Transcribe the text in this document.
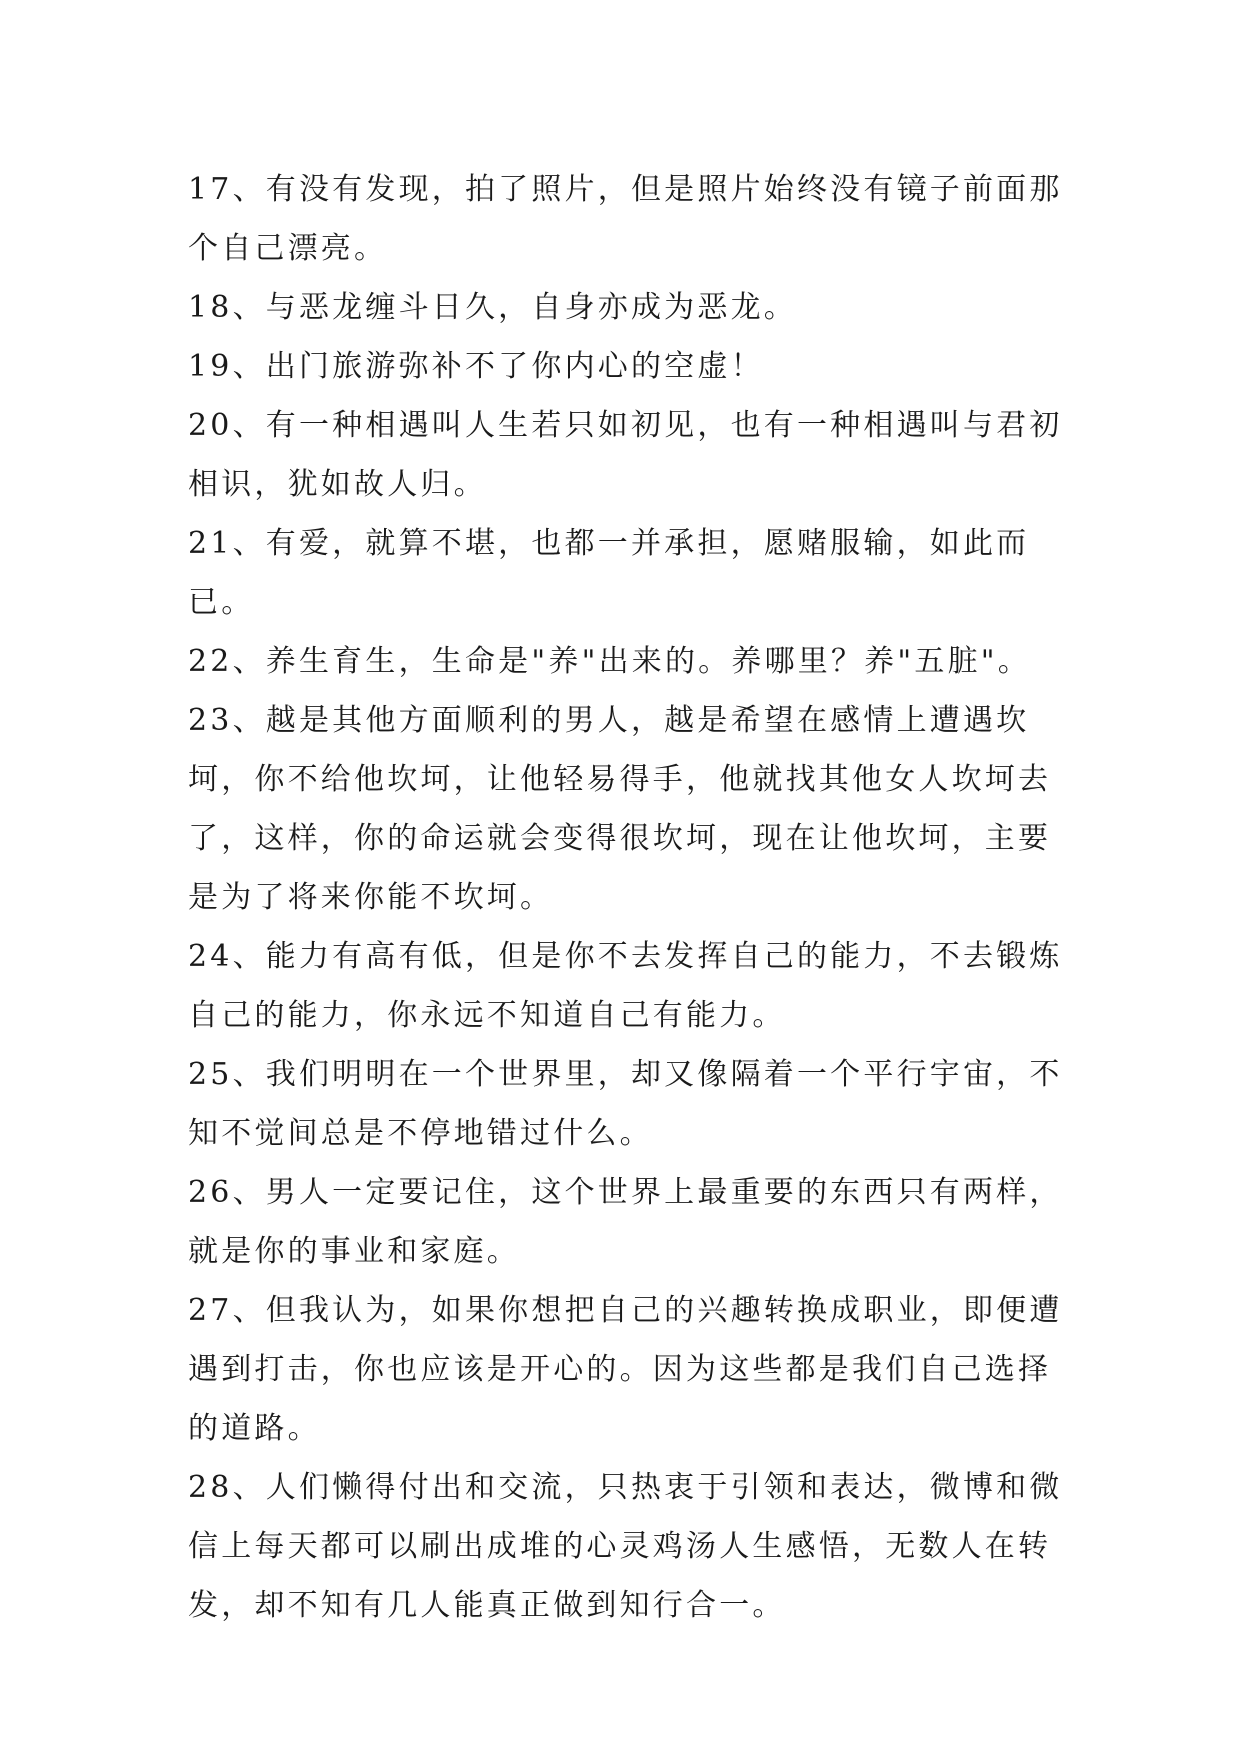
17、有没有发现，拍了照片，但是照片始终没有镜子前面那个自己漂亮。

18、与恶龙缠斗日久，自身亦成为恶龙。

19、出门旅游弥补不了你内心的空虚！

20、有一种相遇叫人生若只如初见，也有一种相遇叫与君初相识，犹如故人归。

21、有爱，就算不堪，也都一并承担，愿赌服输，如此而已。

22、养生育生，生命是"养"出来的。养哪里？养"五脏"。

23、越是其他方面顺利的男人，越是希望在感情上遭遇坎坷，你不给他坎坷，让他轻易得手，他就找其他女人坎坷去了，这样，你的命运就会变得很坎坷，现在让他坎坷，主要是为了将来你能不坎坷。

24、能力有高有低，但是你不去发挥自己的能力，不去锻炼自己的能力，你永远不知道自己有能力。

25、我们明明在一个世界里，却又像隔着一个平行宇宙，不知不觉间总是不停地错过什么。

26、男人一定要记住，这个世界上最重要的东西只有两样，就是你的事业和家庭。

27、但我认为，如果你想把自己的兴趣转换成职业，即便遭遇到打击，你也应该是开心的。因为这些都是我们自己选择的道路。

28、人们懒得付出和交流，只热衷于引领和表达，微博和微信上每天都可以刷出成堆的心灵鸡汤人生感悟，无数人在转发，却不知有几人能真正做到知行合一。
